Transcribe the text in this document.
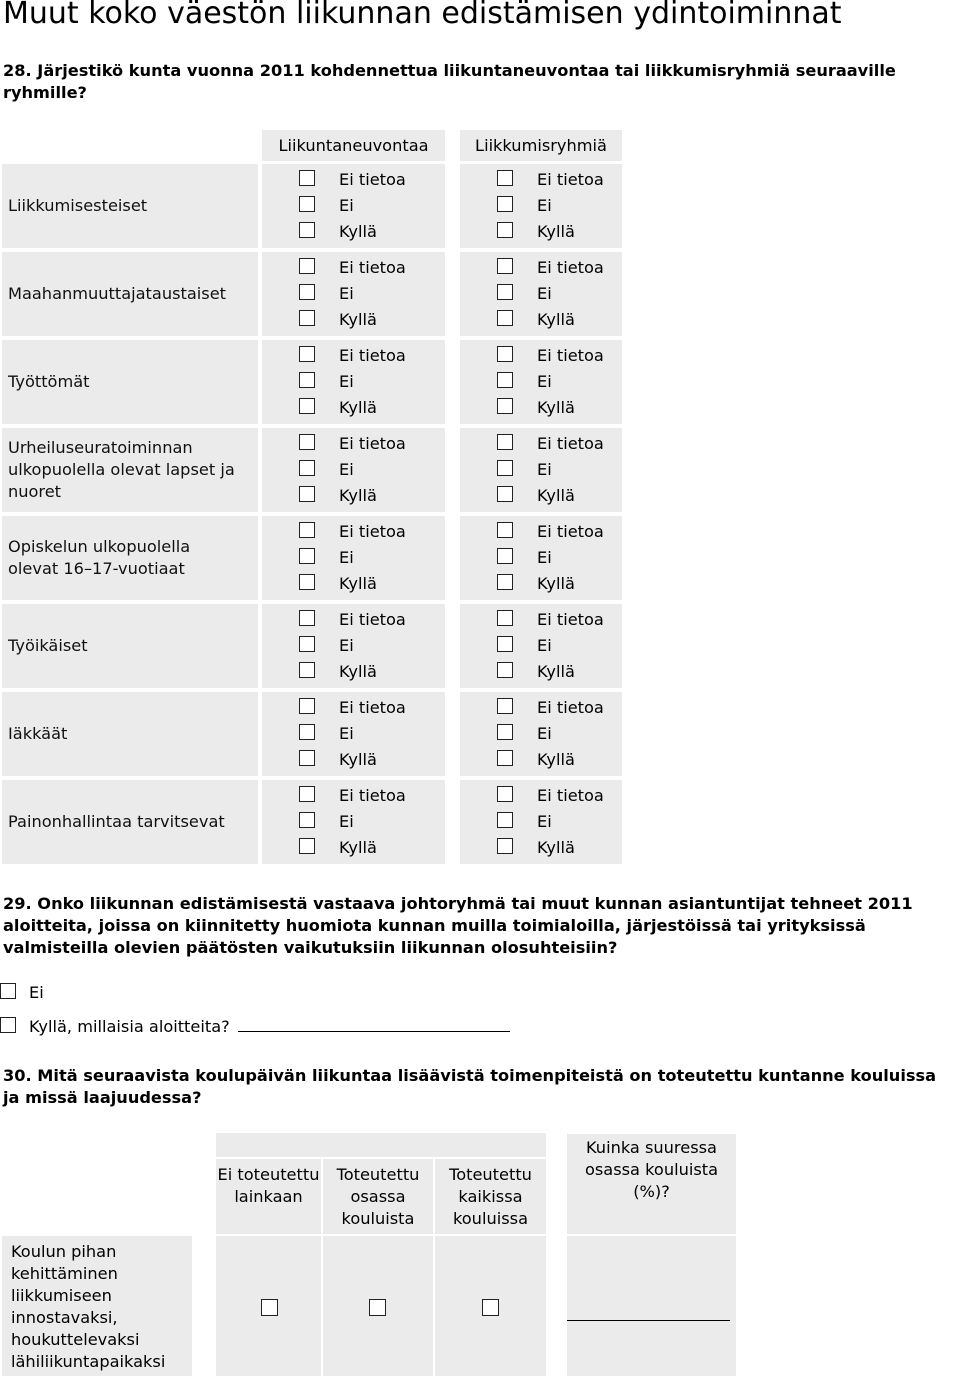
Muut koko väestön liikunnan edistämisen ydintoiminnat

28. Järjestikö kunta vuonna 2011 kohdennettua liikuntaneuvontaa tai liikkumisryhmiä seuraaville ryhmille?

Liikuntaneuvontaa	Liikkumisryhmiä
Liikkumisesteiset
Ei tietoa
Ei
Kyllä
Ei tietoa
Ei
Kyllä
Maahanmuuttajataustaiset
Ei tietoa
Ei
Kyllä
Ei tietoa
Ei
Kyllä
Työttömät
Ei tietoa
Ei
Kyllä
Ei tietoa
Ei
Kyllä
Urheiluseuratoiminnan ulkopuolella olevat lapset ja nuoret
Ei tietoa
Ei
Kyllä
Ei tietoa
Ei
Kyllä
Opiskelun ulkopuolella olevat 16–17-vuotiaat
Ei tietoa
Ei
Kyllä
Ei tietoa
Ei
Kyllä
Työikäiset
Ei tietoa
Ei
Kyllä
Ei tietoa
Ei
Kyllä
Iäkkäät
Ei tietoa
Ei
Kyllä
Ei tietoa
Ei
Kyllä
Painonhallintaa tarvitsevat
Ei tietoa
Ei
Kyllä
Ei tietoa
Ei
Kyllä

29. Onko liikunnan edistämisestä vastaava johtoryhmä tai muut kunnan asiantuntijat tehneet 2011 aloitteita, joissa on kiinnitetty huomiota kunnan muilla toimialoilla, järjestöissä tai yrityksissä valmisteilla olevien päätösten vaikutuksiin liikunnan olosuhteisiin?

Ei
Kyllä, millaisia aloitteita?

30. Mitä seuraavista koulupäivän liikuntaa lisäävistä toimenpiteistä on toteutettu kuntanne kouluissa ja missä laajuudessa?

Ei toteutettu lainkaan
Toteutettu osassa kouluista
Toteutettu kaikissa kouluissa
Kuinka suuressa osassa kouluista (%)?
Koulun pihan kehittäminen liikkumiseen innostavaksi, houkuttelevaksi lähiliikuntapaikaksi
